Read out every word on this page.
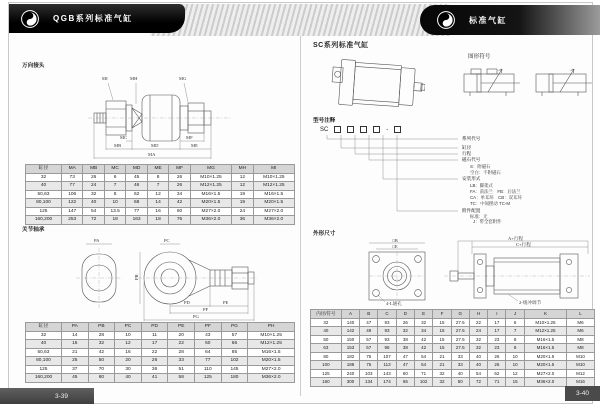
QGB系列标准气缸	标准气缸
万向接头
MI	MH	MG
MC
MB	MD
MF
ME
MA
缸径	MA	MB	MC	MD	ME	MF	MG	MH	MI
32	73	26	6	45	8	26	M10×1.25	12	M10×1.25
40	77	24	7	46	7	26	M12×1.25	12	M12×1.25
50,63	106	32	8	62	12	34	M16×1.5	19	M16×1.5
80,100	122	40	10	68	14	42	M20×1.5	19	M20×1.5
125	147	54	13.5	77	16	60	M27×2.0	24	M27×2.0
160,200	253	72	18	163	18	76	M36×2.0	36	M36×2.0
关节轴承
PA	PC
PB
PD	PE
PF
PG
缸径	PA	PB	PC	PD	PE	PF	PG	PH
32	14	28	10	11	20	43	57	M10×1.25
40	16	32	12	17	22	50	66	M12×1.25
50,63	21	42	16	22	28	64	85	M16×1.5
80,100	25	50	20	26	33	77	102	M20×1.5
125	37	70	30	36	51	110	145	M27×2.0
160,200	45	80	40	41	58	125	180	M36×2.0
3-39
SC系列标准气缸
图形符号
型号注释
SC	-
系列代号
缸径
行程
磁石代号
S：附磁石
空白：不附磁石
安装形式
LB：脚架式
FA：前法兰　FB：后法兰
CA：单耳环　CB：双耳环
TC：中间摆动 TC-M
附件配置
标准：无
J：带全套附件
外形尺寸
□B
□E
4-L通孔
A+行程
C+行程
2-缓冲调节
内径/符号	A	B	C	D	E	F	G	H	I	J	K	L
32	140	47	93	26	32	15	27.5	22	17	6	M10×1.25	M6
40	142	49	93	32	34	15	27.5	24	17	7	M12×1.25	M6
50	150	57	93	38	42	15	27.5	32	23	8	M16×1.5	M8
63	153	57	96	38	42	15	27.5	32	23	8	M16×1.5	M8
80	182	75	107	47	54	21	33	40	26	10	M20×1.5	M10
100	188	75	113	47	54	21	33	40	26	10	M20×1.5	M10
125	240	103	143	60	71	32	40	54	62	12	M27×2.0	M12
160	300	134	174	65	102	32	50	72	71	15	M36×2.0	M16
3-40
